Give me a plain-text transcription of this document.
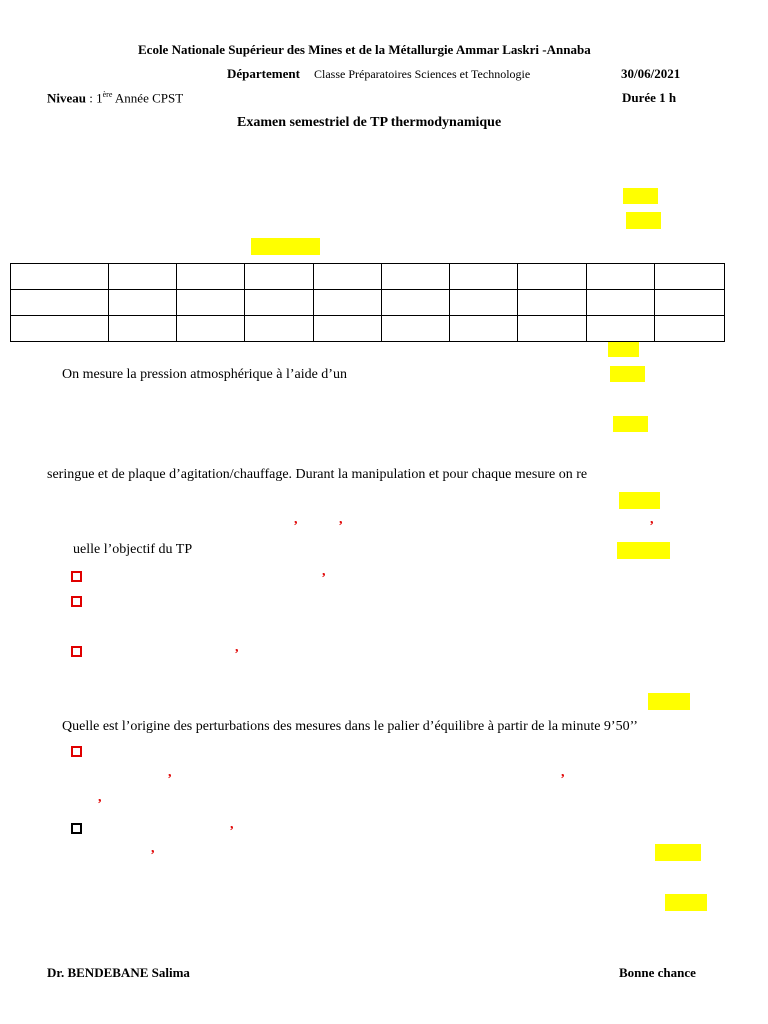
Ecole Nationale Supérieur des Mines et de la Métallurgie Ammar Laskri -Annaba
Département Classe Préparatoires Sciences et Technologie	30/06/2021
Niveau : 1ère Année CPST	Durée 1 h
Examen semestriel de TP thermodynamique

On mesure la pression atmosphérique à l’aide d’un
seringue et de plaque d’agitation/chauffage. Durant la manipulation et pour chaque mesure on re
,	,	,
uelle l’objectif du TP
,
,
Quelle est l’origine des perturbations des mesures dans le palier d’équilibre à partir de la minute 9’50’’
,	,
,
,
,
Dr. BENDEBANE Salima	Bonne chance
